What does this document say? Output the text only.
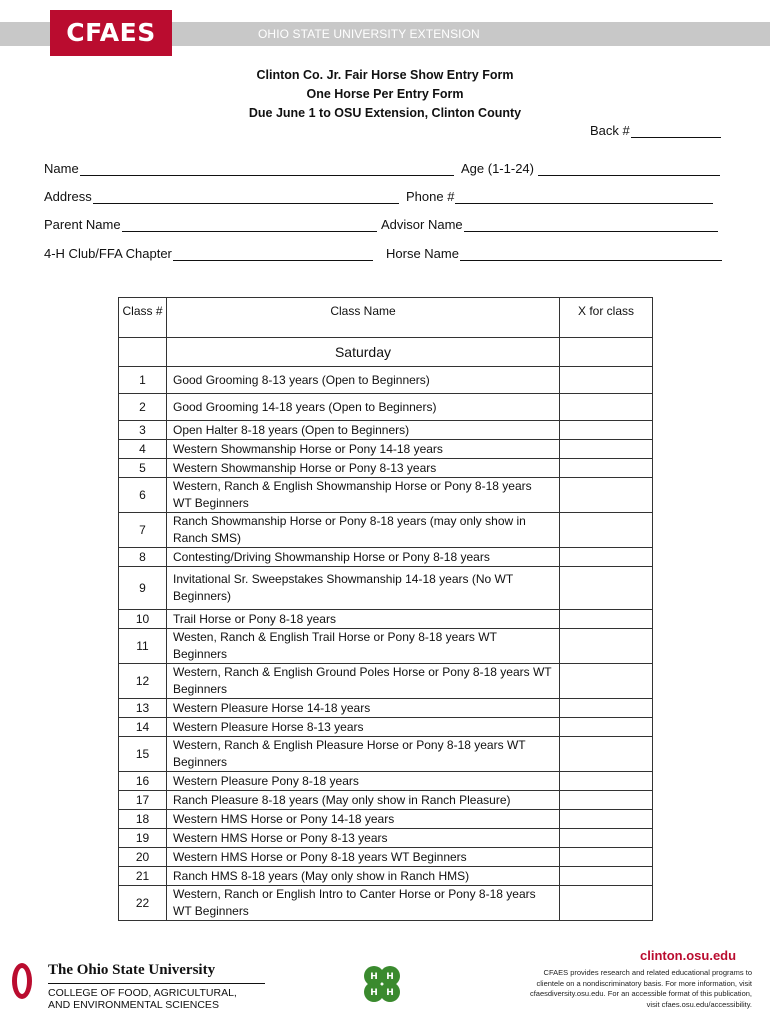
OHIO STATE UNIVERSITY EXTENSION
CFAES
Clinton Co. Jr. Fair Horse Show Entry Form
One Horse Per Entry Form
Due June 1 to OSU Extension, Clinton County
Back #
Name	Age (1-1-24)
Address	Phone #
Parent Name	Advisor Name
4-H Club/FFA Chapter	Horse Name
Class #	Class Name	X for class
	Saturday	
1	Good Grooming 8-13 years (Open to Beginners)	
2	Good Grooming 14-18 years (Open to Beginners)	
3	Open Halter 8-18 years (Open to Beginners)	
4	Western Showmanship Horse or Pony 14-18 years	
5	Western Showmanship Horse or Pony 8-13 years	
6	Western, Ranch & English Showmanship Horse or Pony 8-18 years WT Beginners	
7	Ranch Showmanship Horse or Pony 8-18 years (may only show in Ranch SMS)	
8	Contesting/Driving Showmanship Horse or Pony 8-18 years	
9	Invitational Sr. Sweepstakes Showmanship 14-18 years (No WT Beginners)	
10	Trail Horse or Pony 8-18 years	
11	Westen, Ranch & English Trail Horse or Pony 8-18 years WT Beginners	
12	Western, Ranch & English Ground Poles Horse or Pony 8-18 years WT Beginners	
13	Western Pleasure Horse 14-18 years	
14	Western Pleasure Horse 8-13 years	
15	Western, Ranch & English Pleasure Horse or Pony 8-18 years WT Beginners	
16	Western Pleasure Pony 8-18 years	
17	Ranch Pleasure 8-18 years (May only show in Ranch Pleasure)	
18	Western HMS Horse or Pony 14-18 years	
19	Western HMS Horse or Pony 8-13 years	
20	Western HMS Horse or Pony 8-18 years WT Beginners	
21	Ranch HMS 8-18 years (May only show in Ranch HMS)	
22	Western, Ranch or English Intro to Canter Horse or Pony 8-18 years WT Beginners	
clinton.osu.edu
CFAES provides research and related educational programs to clientele on a nondiscriminatory basis. For more information, visit cfaesdiversity.osu.edu. For an accessible format of this publication, visit cfaes.osu.edu/accessibility.
The Ohio State University
COLLEGE OF FOOD, AGRICULTURAL,
AND ENVIRONMENTAL SCIENCES
H H
H H
